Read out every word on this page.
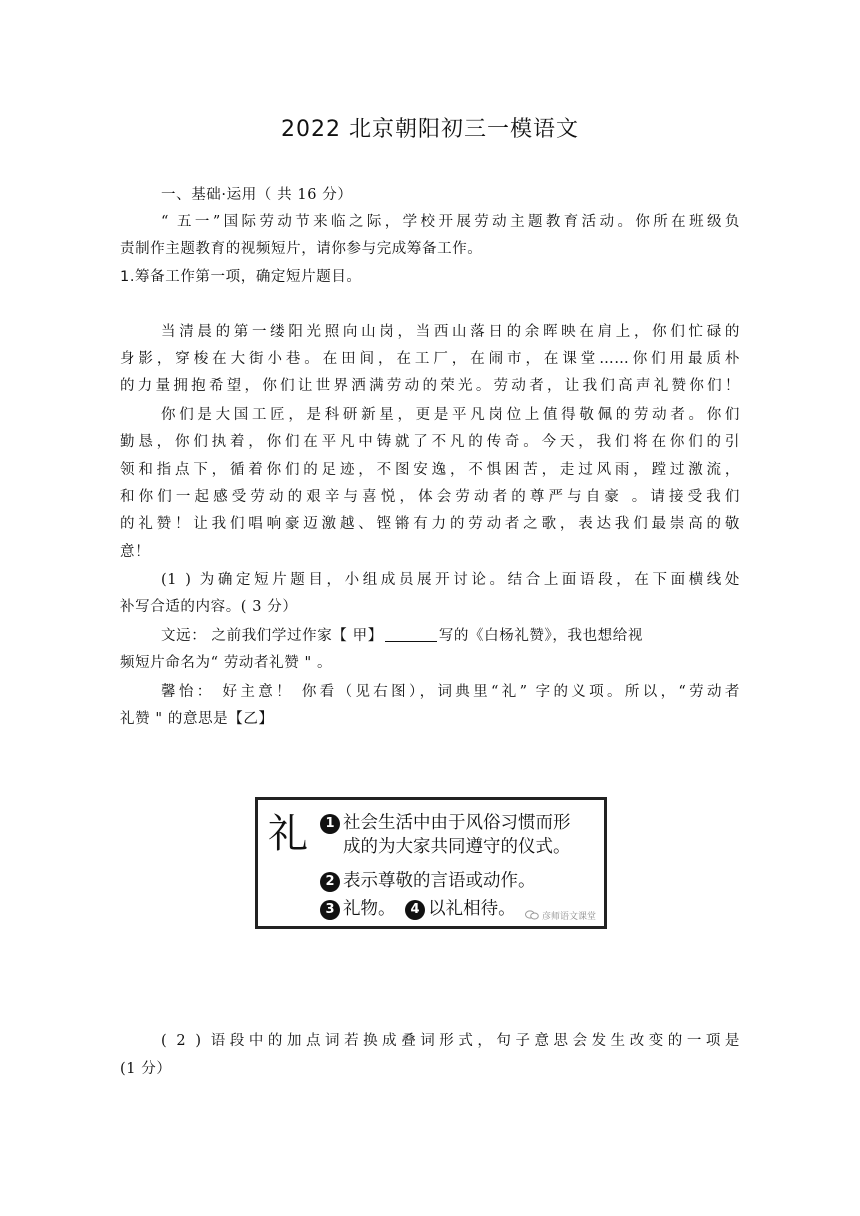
2022 北京朝阳初三一模语文
一、基础·运用（ 共 16 分）
“ 五一”国际劳动节来临之际，学校开展劳动主题教育活动。你所在班级负
责制作主题教育的视频短片，请你参与完成筹备工作。
1.筹备工作第一项，确定短片题目。
当清晨的第一缕阳光照向山岗，当西山落日的余晖映在肩上，你们忙碌的
身影，穿梭在大街小巷。在田间，在工厂，在闹市，在课堂……你们用最质朴
的力量拥抱希望，你们让世界洒满劳动的荣光。劳动者，让我们高声礼赞你们！
你们是大国工匠，是科研新星，更是平凡岗位上值得敬佩的劳动者。你们
勤恳，你们执着，你们在平凡中铸就了不凡的传奇。今天，我们将在你们的引
领和指点下，循着你们的足迹，不图安逸，不惧困苦，走过风雨，蹚过激流，
和你们一起感受劳动的艰辛与喜悦，体会劳动者的尊严与自豪 。请接受我们
的礼赞！让我们唱响豪迈激越、铿锵有力的劳动者之歌，表达我们最崇高的敬
意！
(1 ) 为确定短片题目，小组成员展开讨论。结合上面语段，在下面横线处
补写合适的内容。( 3 分）
文远： 之前我们学过作家【 甲】	写的《白杨礼赞》，我也想给视
频短片命名为“ 劳动者礼赞 " 。
馨怡： 好主意！ 你看（见右图），词典里“礼” 字的义项。所以，“劳动者
礼赞 " 的意思是【乙】
礼	1 社会生活中由于风俗习惯而形
成的为大家共同遵守的仪式。
2 表示尊敬的言语或动作。
3 礼物。 4 以礼相待。	彦师语文课堂
( 2 ) 语段中的加点词若换成叠词形式，句子意思会发生改变的一项是
(1 分）
